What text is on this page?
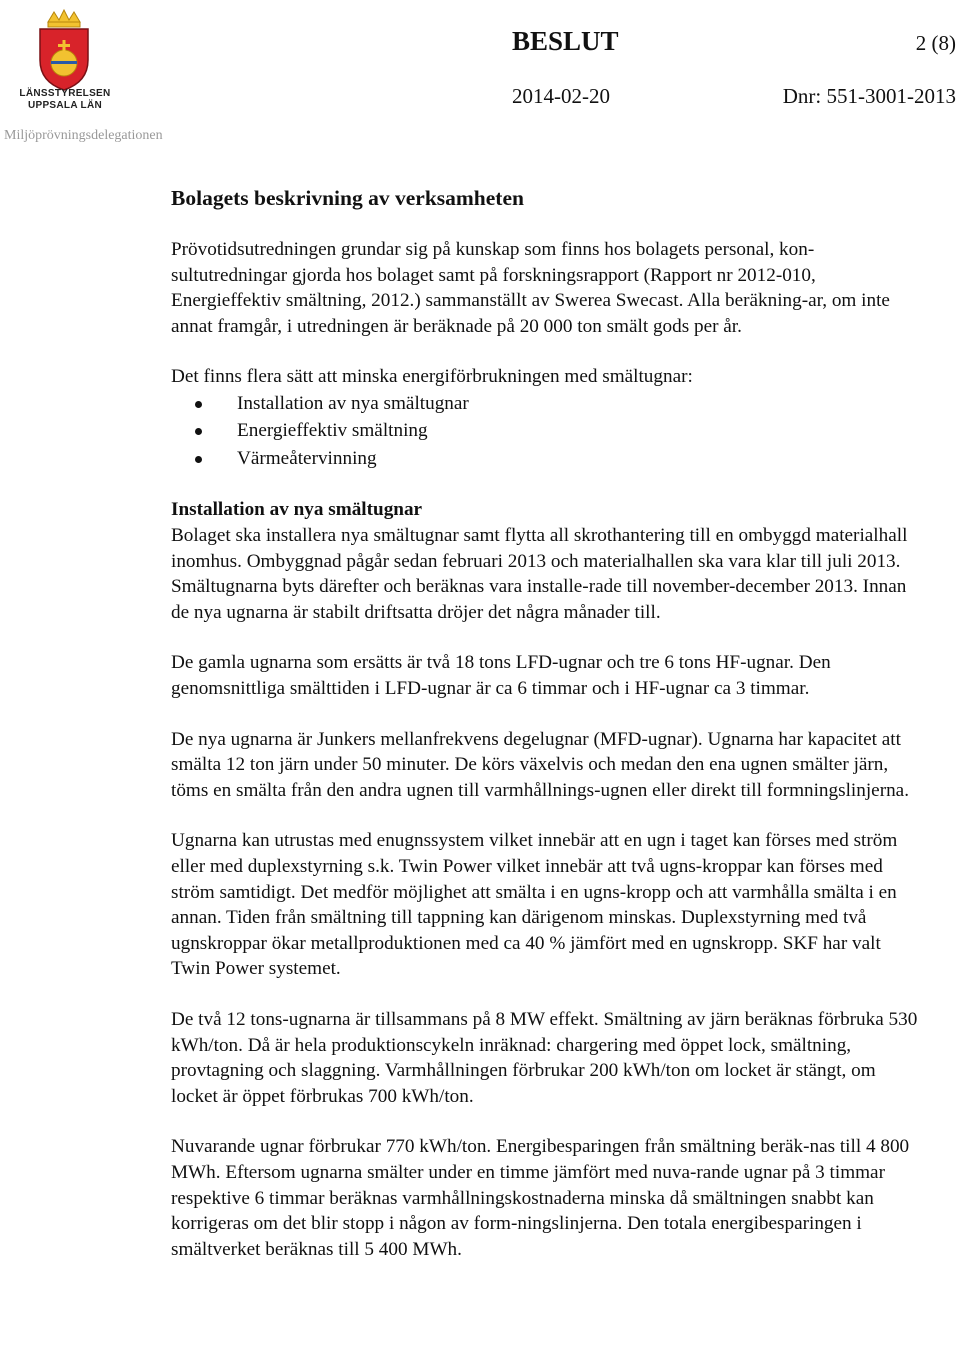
LÄNSSTYRELSEN
UPPSALA LÄN
Miljöprövningsdelegationen
BESLUT	2 (8)
2014-02-20	Dnr: 551-3001-2013
Bolagets beskrivning av verksamheten

Prövotidsutredningen grundar sig på kunskap som finns hos bolagets personal, kon-sultutredningar gjorda hos bolaget samt på forskningsrapport (Rapport nr 2012-010, Energieffektiv smältning, 2012.) sammanställt av Swerea Swecast. Alla beräkning-ar, om inte annat framgår, i utredningen är beräknade på 20 000 ton smält gods per år.

Det finns flera sätt att minska energiförbrukningen med smältugnar:

Installation av nya smältugnar
Energieffektiv smältning
Värmeåtervinning
Installation av nya smältugnar

Bolaget ska installera nya smältugnar samt flytta all skrothantering till en ombyggd materialhall inomhus. Ombyggnad pågår sedan februari 2013 och materialhallen ska vara klar till juli 2013. Smältugnarna byts därefter och beräknas vara installe-rade till november-december 2013. Innan de nya ugnarna är stabilt driftsatta dröjer det några månader till.

De gamla ugnarna som ersätts är två 18 tons LFD-ugnar och tre 6 tons HF-ugnar. Den genomsnittliga smälttiden i LFD-ugnar är ca 6 timmar och i HF-ugnar ca 3 timmar.

De nya ugnarna är Junkers mellanfrekvens degelugnar (MFD-ugnar). Ugnarna har kapacitet att smälta 12 ton järn under 50 minuter. De körs växelvis och medan den ena ugnen smälter järn, töms en smälta från den andra ugnen till varmhållnings-ugnen eller direkt till formningslinjerna.

Ugnarna kan utrustas med enugnssystem vilket innebär att en ugn i taget kan förses med ström eller med duplexstyrning s.k. Twin Power vilket innebär att två ugns-kroppar kan förses med ström samtidigt. Det medför möjlighet att smälta i en ugns-kropp och att varmhålla smälta i en annan. Tiden från smältning till tappning kan därigenom minskas. Duplexstyrning med två ugnskroppar ökar metallproduktionen med ca 40 % jämfört med en ugnskropp. SKF har valt Twin Power systemet.

De två 12 tons-ugnarna är tillsammans på 8 MW effekt. Smältning av järn beräknas förbruka 530 kWh/ton. Då är hela produktionscykeln inräknad: chargering med öppet lock, smältning, provtagning och slaggning. Varmhållningen förbrukar 200 kWh/ton om locket är stängt, om locket är öppet förbrukas 700 kWh/ton.

Nuvarande ugnar förbrukar 770 kWh/ton. Energibesparingen från smältning beräk-nas till 4 800 MWh. Eftersom ugnarna smälter under en timme jämfört med nuva-rande ugnar på 3 timmar respektive 6 timmar beräknas varmhållningskostnaderna minska då smältningen snabbt kan korrigeras om det blir stopp i någon av form-ningslinjerna. Den totala energibesparingen i smältverket beräknas till 5 400 MWh.
